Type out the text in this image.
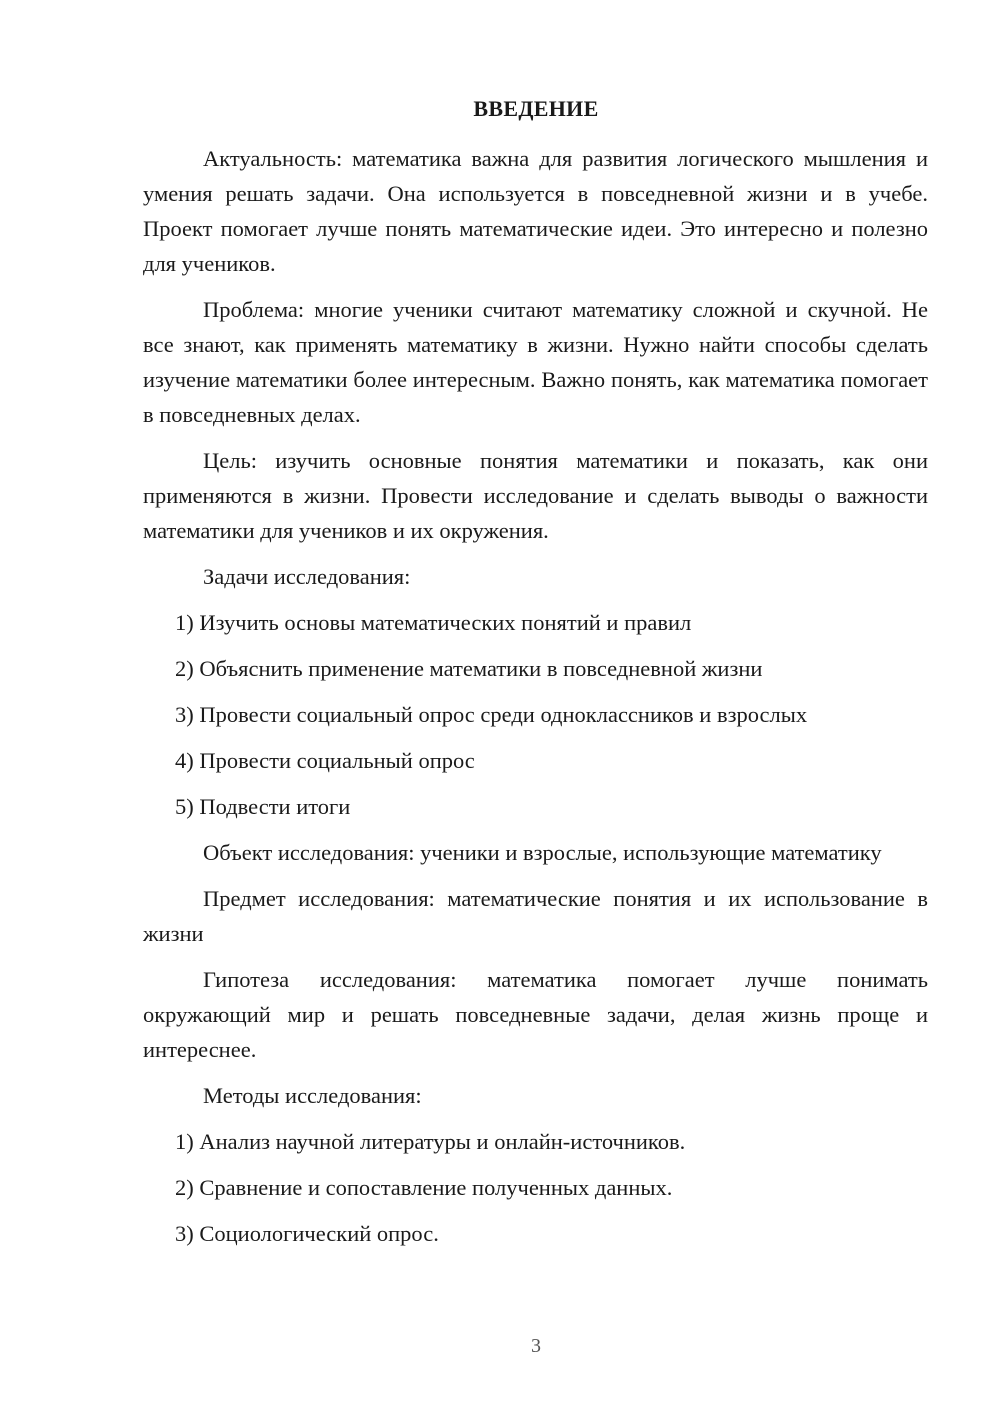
ВВЕДЕНИЕ

Актуальность: математика важна для развития логического мышления и умения решать задачи. Она используется в повседневной жизни и в учебе. Проект помогает лучше понять математические идеи. Это интересно и полезно для учеников.

Проблема: многие ученики считают математику сложной и скучной. Не все знают, как применять математику в жизни. Нужно найти способы сделать изучение математики более интересным. Важно понять, как математика помогает в повседневных делах.

Цель: изучить основные понятия математики и показать, как они применяются в жизни. Провести исследование и сделать выводы о важности математики для учеников и их окружения.

Задачи исследования:

1) Изучить основы математических понятий и правил

2) Объяснить применение математики в повседневной жизни

3) Провести социальный опрос среди одноклассников и взрослых

4) Провести социальный опрос

5) Подвести итоги

Объект исследования: ученики и взрослые, использующие математику

Предмет исследования: математические понятия и их использование в жизни

Гипотеза исследования: математика помогает лучше понимать окружающий мир и решать повседневные задачи, делая жизнь проще и интереснее.

Методы исследования:

1) Анализ научной литературы и онлайн-источников.

2) Сравнение и сопоставление полученных данных.

3) Социологический опрос.

3
